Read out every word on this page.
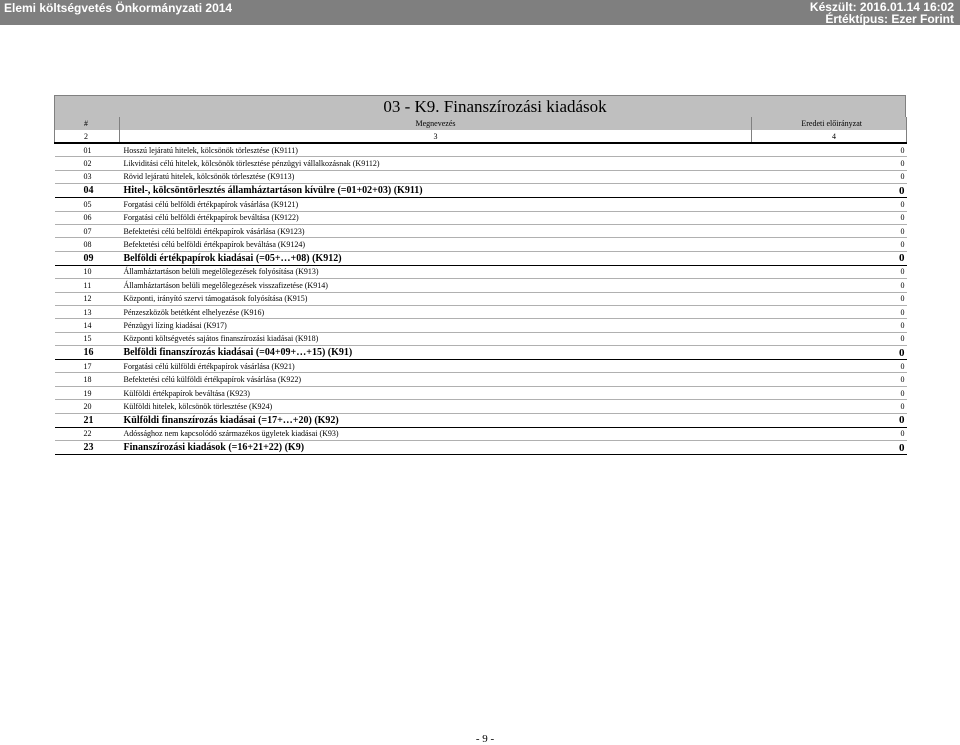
Elemi költségvetés Önkormányzati 2014	Készült: 2016.01.14 16:02
Értéktípus: Ezer Forint
03 - K9. Finanszírozási kiadások
#	Megnevezés	Eredeti előirányzat
2	3	4
01	Hosszú lejáratú hitelek, kölcsönök törlesztése (K9111)	0
02	Likviditási célú hitelek, kölcsönök törlesztése pénzügyi vállalkozásnak (K9112)	0
03	Rövid lejáratú hitelek, kölcsönök törlesztése (K9113)	0
04	Hitel-, kölcsöntörlesztés államháztartáson kívülre (=01+02+03) (K911)	0
05	Forgatási célú belföldi értékpapírok vásárlása (K9121)	0
06	Forgatási célú belföldi értékpapírok beváltása (K9122)	0
07	Befektetési célú belföldi értékpapírok vásárlása (K9123)	0
08	Befektetési célú belföldi értékpapírok beváltása (K9124)	0
09	Belföldi értékpapírok kiadásai (=05+…+08) (K912)	0
10	Államháztartáson belüli megelőlegezések folyósítása (K913)	0
11	Államháztartáson belüli megelőlegezések visszafizetése (K914)	0
12	Központi, irányító szervi támogatások folyósítása (K915)	0
13	Pénzeszközök betétként elhelyezése (K916)	0
14	Pénzügyi lízing kiadásai (K917)	0
15	Központi költségvetés sajátos finanszírozási kiadásai (K918)	0
16	Belföldi finanszírozás kiadásai (=04+09+…+15) (K91)	0
17	Forgatási célú külföldi értékpapírok vásárlása (K921)	0
18	Befektetési célú külföldi értékpapírok vásárlása (K922)	0
19	Külföldi értékpapírok beváltása (K923)	0
20	Külföldi hitelek, kölcsönök törlesztése (K924)	0
21	Külföldi finanszírozás kiadásai (=17+…+20) (K92)	0
22	Adóssághoz nem kapcsolódó származékos ügyletek kiadásai (K93)	0
23	Finanszírozási kiadások (=16+21+22) (K9)	0
- 9 -
